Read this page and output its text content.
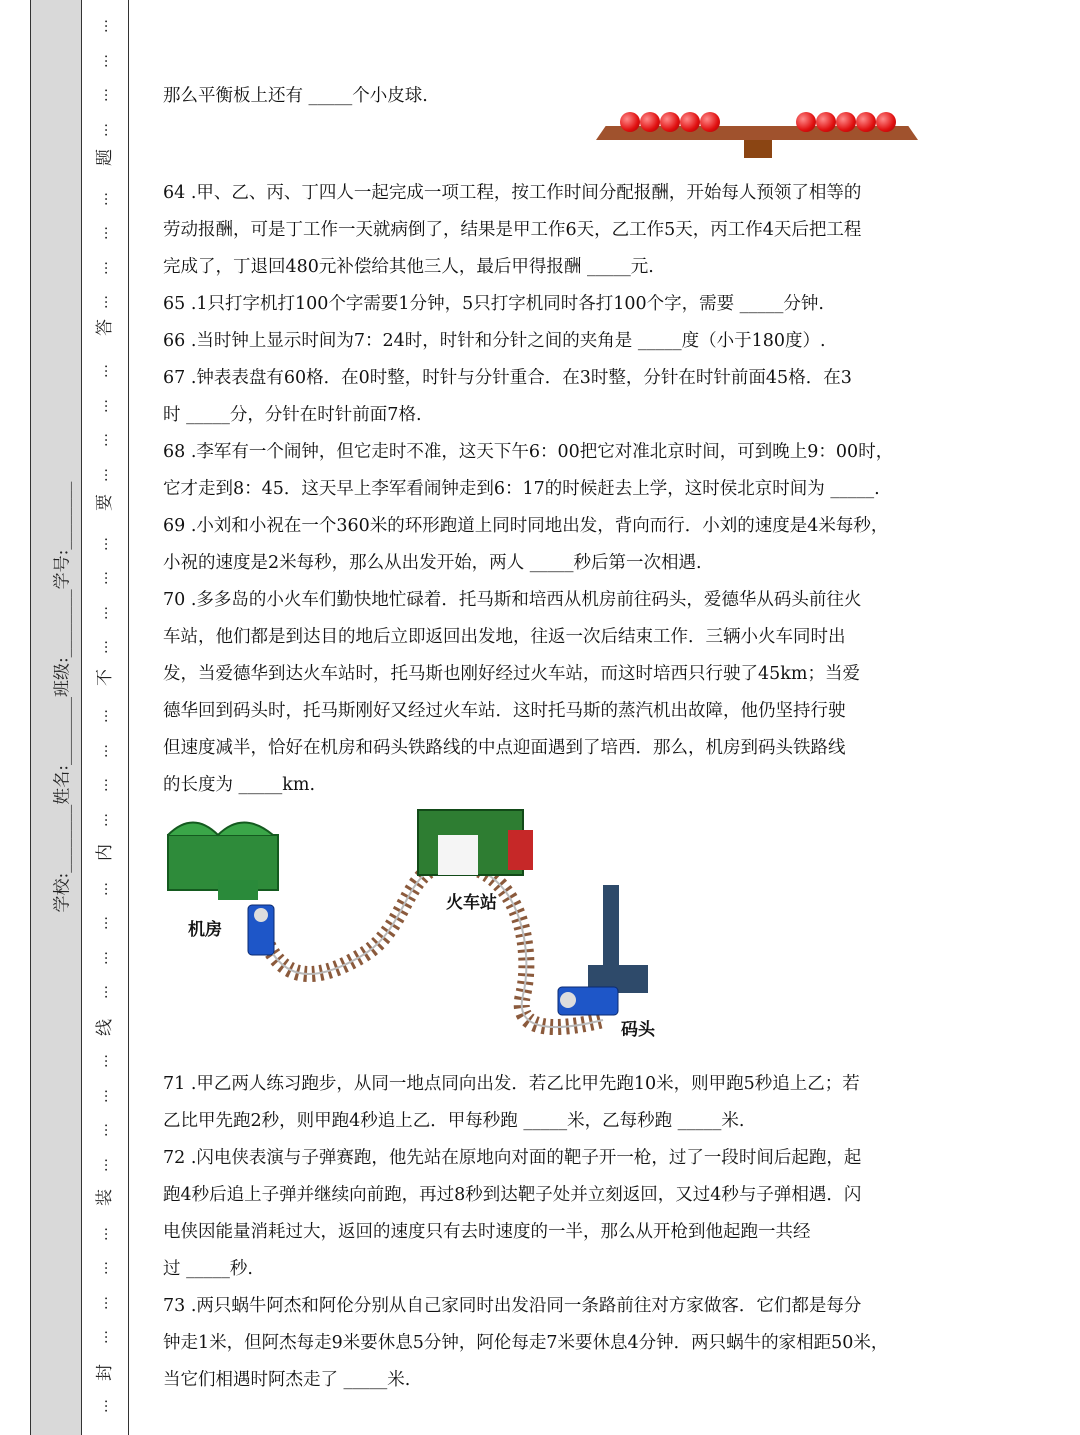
学校:________姓名:________班级:________学号:________
…
…
…
…
…
…
…
…
…
…
…
…
…
…
…
…
…
…
…
…
…
…
…
…
…
…
…
…
…
…
…
…
…
题
答
要
不
内
线
装
封

那么平衡板上还有 _____个小皮球.

64 .甲、乙、丙、丁四人一起完成一项工程，按工作时间分配报酬，开始每人预领了相等的

劳动报酬，可是丁工作一天就病倒了，结果是甲工作6天，乙工作5天，丙工作4天后把工程

完成了，丁退回480元补偿给其他三人，最后甲得报酬 _____元.

65 .1只打字机打100个字需要1分钟，5只打字机同时各打100个字，需要 _____分钟.

66 .当时钟上显示时间为7：24时，时针和分针之间的夹角是 _____度（小于180度）.

67 .钟表表盘有60格．在0时整，时针与分针重合．在3时整，分针在时针前面45格．在3

时 _____分，分针在时针前面7格.

68 .李军有一个闹钟，但它走时不准，这天下午6：00把它对准北京时间，可到晚上9：00时，

它才走到8：45．这天早上李军看闹钟走到6：17的时候赶去上学，这时侯北京时间为 _____.

69 .小刘和小祝在一个360米的环形跑道上同时同地出发，背向而行．小刘的速度是4米每秒，

小祝的速度是2米每秒，那么从出发开始，两人 _____秒后第一次相遇.

70 .多多岛的小火车们勤快地忙碌着．托马斯和培西从机房前往码头，爱德华从码头前往火

车站，他们都是到达目的地后立即返回出发地，往返一次后结束工作．三辆小火车同时出

发，当爱德华到达火车站时，托马斯也刚好经过火车站，而这时培西只行驶了45km；当爱

德华回到码头时，托马斯刚好又经过火车站．这时托马斯的蒸汽机出故障，他仍坚持行驶

但速度减半，恰好在机房和码头铁路线的中点迎面遇到了培西．那么，机房到码头铁路线

的长度为 _____km.

71 .甲乙两人练习跑步，从同一地点同向出发．若乙比甲先跑10米，则甲跑5秒追上乙；若

乙比甲先跑2秒，则甲跑4秒追上乙．甲每秒跑 _____米，乙每秒跑 _____米.

72 .闪电侠表演与子弹赛跑，他先站在原地向对面的靶子开一枪，过了一段时间后起跑，起

跑4秒后追上子弹并继续向前跑，再过8秒到达靶子处并立刻返回，又过4秒与子弹相遇．闪

电侠因能量消耗过大，返回的速度只有去时速度的一半，那么从开枪到他起跑一共经

过 _____秒.

73 .两只蜗牛阿杰和阿伦分别从自己家同时出发沿同一条路前往对方家做客．它们都是每分

钟走1米，但阿杰每走9米要休息5分钟，阿伦每走7米要休息4分钟．两只蜗牛的家相距50米，

当它们相遇时阿杰走了 _____米.

机房
火车站
码头
